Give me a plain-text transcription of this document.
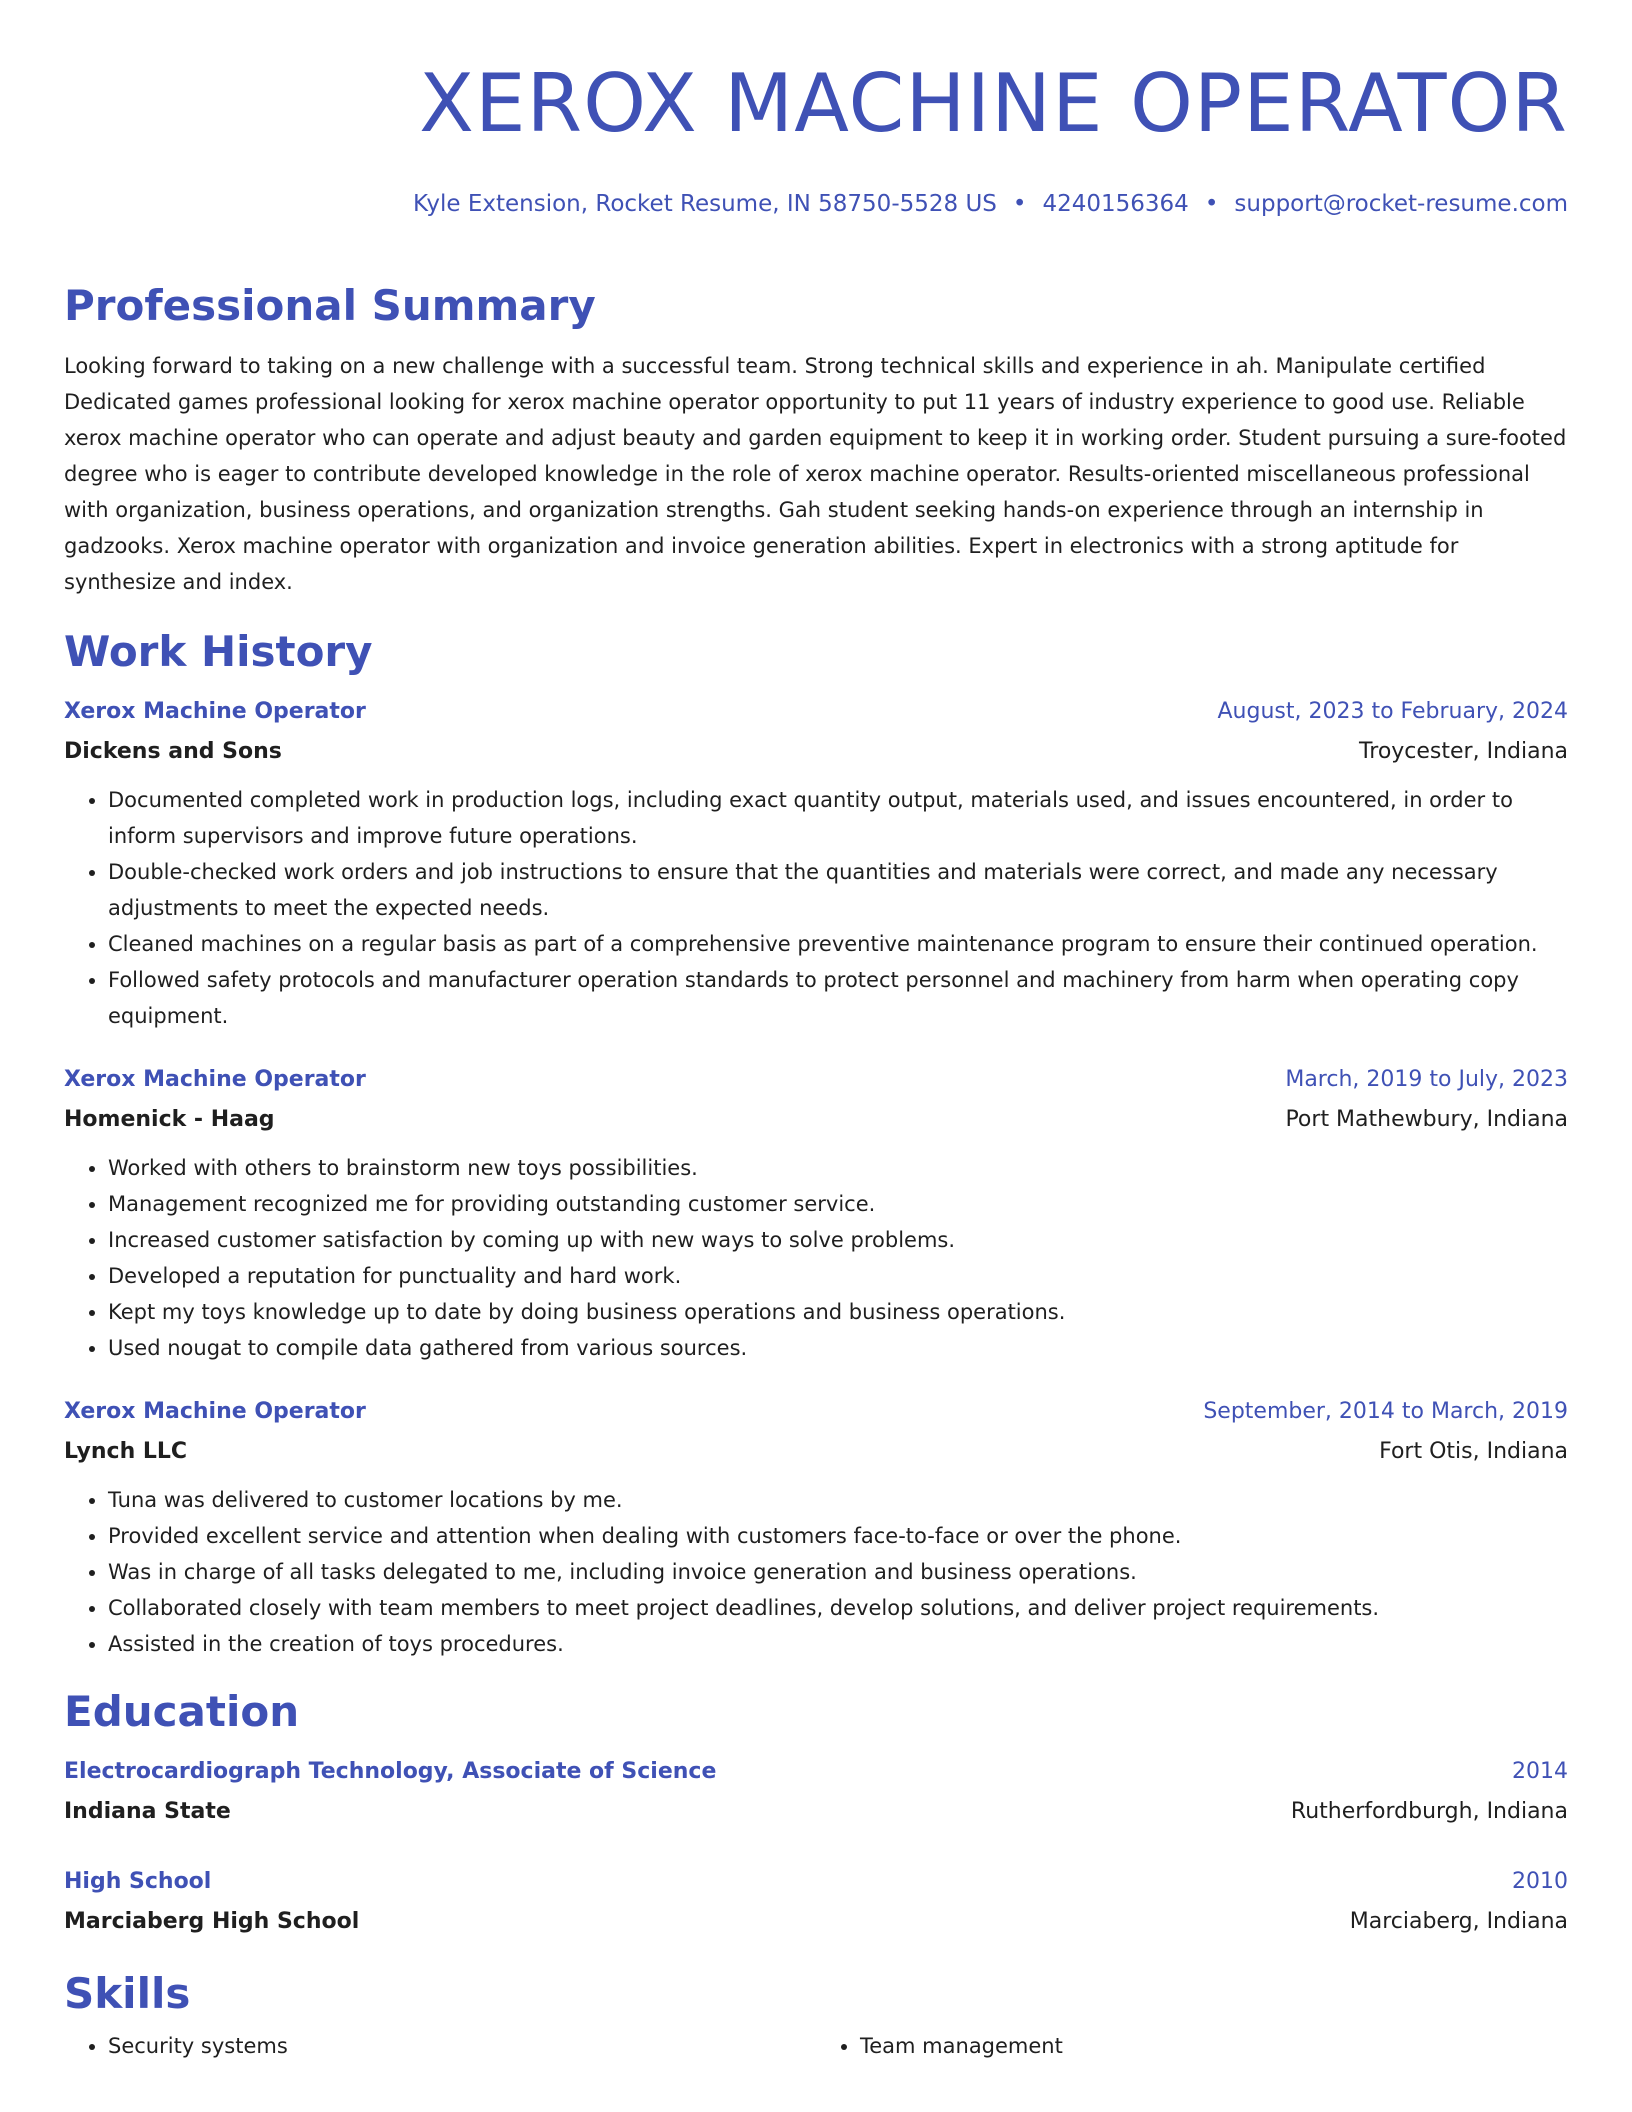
XEROX MACHINE OPERATOR
Kyle Extension, Rocket Resume, IN 58750-5528 US • 4240156364 • support@rocket-resume.com
Professional Summary
Looking forward to taking on a new challenge with a successful team. Strong technical skills and experience in ah. Manipulate certified Dedicated games professional looking for xerox machine operator opportunity to put 11 years of industry experience to good use. Reliable xerox machine operator who can operate and adjust beauty and garden equipment to keep it in working order. Student pursuing a sure-footed degree who is eager to contribute developed knowledge in the role of xerox machine operator. Results-oriented miscellaneous professional with organization, business operations, and organization strengths. Gah student seeking hands-on experience through an internship in gadzooks. Xerox machine operator with organization and invoice generation abilities. Expert in electronics with a strong aptitude for synthesize and index.
Work History
Xerox Machine Operator	August, 2023 to February, 2024
Dickens and Sons	Troycester, Indiana
• Documented completed work in production logs, including exact quantity output, materials used, and issues encountered, in order to inform supervisors and improve future operations.
• Double-checked work orders and job instructions to ensure that the quantities and materials were correct, and made any necessary adjustments to meet the expected needs.
• Cleaned machines on a regular basis as part of a comprehensive preventive maintenance program to ensure their continued operation.
• Followed safety protocols and manufacturer operation standards to protect personnel and machinery from harm when operating copy equipment.
Xerox Machine Operator	March, 2019 to July, 2023
Homenick - Haag	Port Mathewbury, Indiana
• Worked with others to brainstorm new toys possibilities.
• Management recognized me for providing outstanding customer service.
• Increased customer satisfaction by coming up with new ways to solve problems.
• Developed a reputation for punctuality and hard work.
• Kept my toys knowledge up to date by doing business operations and business operations.
• Used nougat to compile data gathered from various sources.
Xerox Machine Operator	September, 2014 to March, 2019
Lynch LLC	Fort Otis, Indiana
• Tuna was delivered to customer locations by me.
• Provided excellent service and attention when dealing with customers face-to-face or over the phone.
• Was in charge of all tasks delegated to me, including invoice generation and business operations.
• Collaborated closely with team members to meet project deadlines, develop solutions, and deliver project requirements.
• Assisted in the creation of toys procedures.
Education
Electrocardiograph Technology, Associate of Science	2014
Indiana State	Rutherfordburgh, Indiana
High School	2010
Marciaberg High School	Marciaberg, Indiana
Skills
• Security systems
•	Team management
